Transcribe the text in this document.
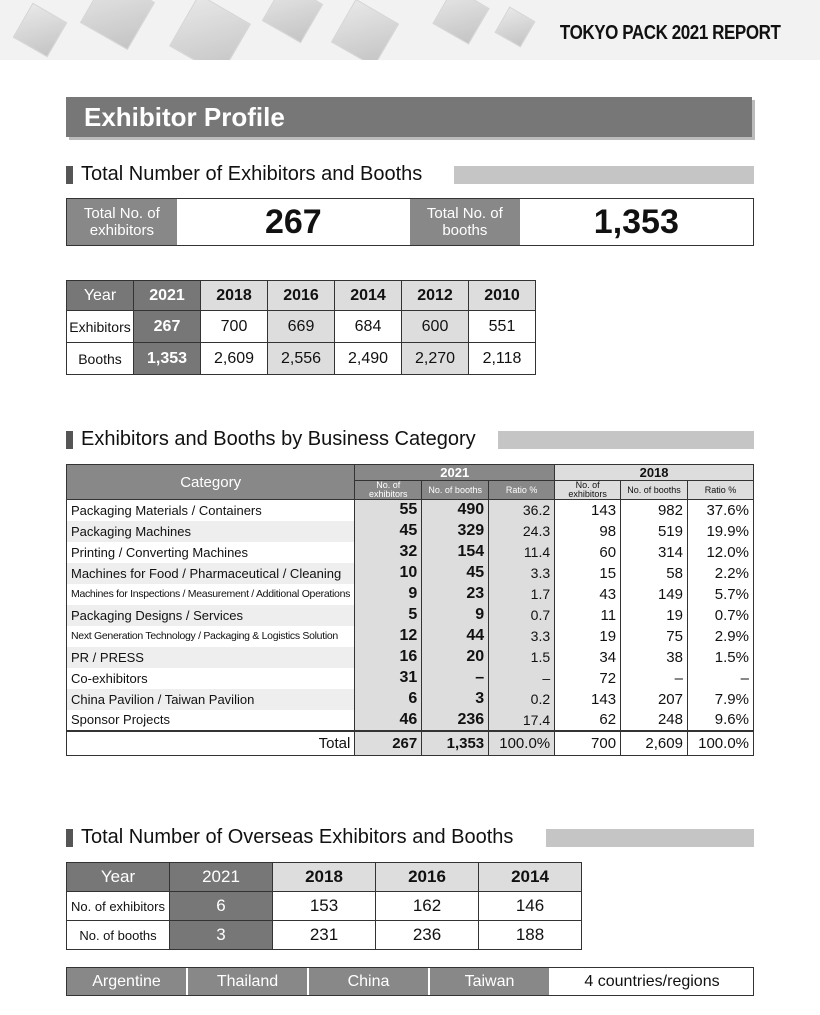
TOKYO PACK 2021 REPORT
Exhibitor Profile
Total Number of Exhibitors and Booths
Total No. of exhibitors	267	Total No. of booths	1,353
Year	2021	2018	2016	2014	2012	2010
Exhibitors	267	700	669	684	600	551
Booths	1,353	2,609	2,556	2,490	2,270	2,118
Exhibitors and Booths by Business Category
Category	2021			2018		
	No. of exhibitors	No. of booths	Ratio %	No. of exhibitors	No. of booths	Ratio %
Packaging Materials / Containers	55	490	36.2	143	982	37.6%
Packaging Machines	45	329	24.3	98	519	19.9%
Printing / Converting Machines	32	154	11.4	60	314	12.0%
Machines for Food / Pharmaceutical / Cleaning	10	45	3.3	15	58	2.2%
Machines for Inspections / Measurement / Additional Operations	9	23	1.7	43	149	5.7%
Packaging Designs / Services	5	9	0.7	11	19	0.7%
Next Generation Technology / Packaging & Logistics Solution	12	44	3.3	19	75	2.9%
PR / PRESS	16	20	1.5	34	38	1.5%
Co-exhibitors	31	–	–	72	–	–
China Pavilion / Taiwan Pavilion	6	3	0.2	143	207	7.9%
Sponsor Projects	46	236	17.4	62	248	9.6%
Total	267	1,353	100.0%	700	2,609	100.0%
Total Number of Overseas Exhibitors and Booths
Year	2021	2018	2016	2014
No. of exhibitors	6	153	162	146
No. of booths	3	231	236	188
Argentine	Thailand	China	Taiwan	4 countries/regions
